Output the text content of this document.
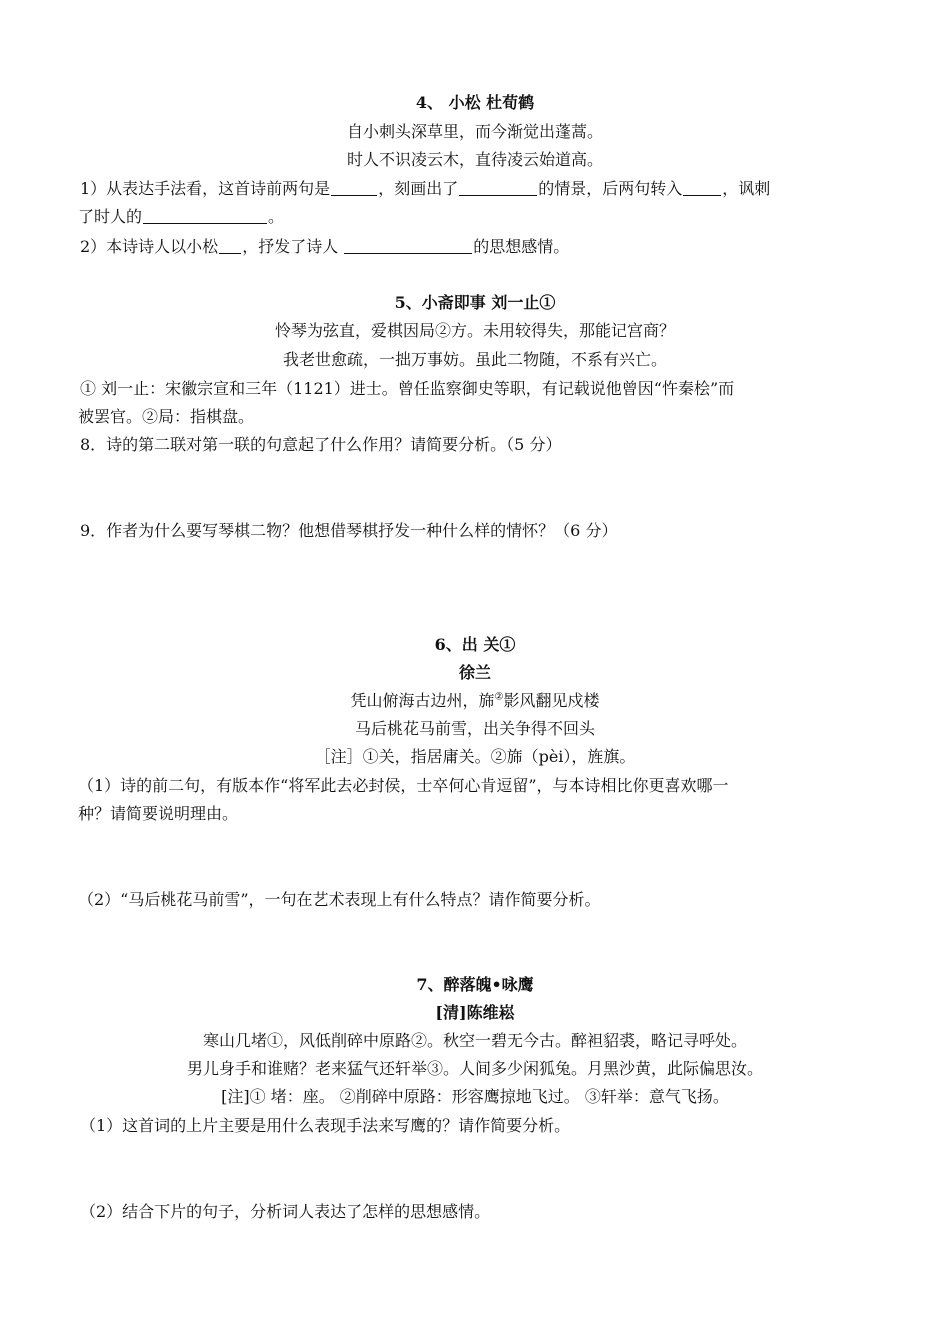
4、 小松 杜荀鹤
自小刺头深草里，而今渐觉出蓬蒿。
时人不识凌云木，直待凌云始道高。
1）从表达手法看，这首诗前两句是	，刻画出了	的情景，后两句转入	，讽刺
了时人的	。
2）本诗诗人以小松 ，抒发了诗人	的思想感情。
5、小斋即事 刘一止①
怜琴为弦直，爱棋因局②方。未用较得失，那能记宫商？
我老世愈疏，一拙万事妨。虽此二物随，不系有兴亡。
① 刘一止：宋徽宗宣和三年（1121）进士。曾任监察御史等职，有记载说他曾因“忤秦桧”而
被罢官。②局：指棋盘。
8．诗的第二联对第一联的句意起了什么作用？请简要分析。（5 分）
9．作者为什么要写琴棋二物？他想借琴棋抒发一种什么样的情怀？（6 分）
6、出 关①
徐兰
凭山俯海古边州，旆②影风翻见戍楼
马后桃花马前雪，出关争得不回头
［注］①关，指居庸关。②旆（pèi），旌旗。
（1）诗的前二句，有版本作“将军此去必封侯，士卒何心肯逗留”，与本诗相比你更喜欢哪一
种？请简要说明理由。
（2）“马后桃花马前雪”，一句在艺术表现上有什么特点？请作简要分析。
7、醉落魄•咏鹰
[清]陈维崧
寒山几堵①，风低削碎中原路②。秋空一碧无今古。醉袒貂裘，略记寻呼处。
男儿身手和谁赌？老来猛气还轩举③。人间多少闲狐兔。月黑沙黄，此际偏思汝。
[注]① 堵：座。 ②削碎中原路：形容鹰掠地飞过。 ③轩举：意气飞扬。
（1）这首词的上片主要是用什么表现手法来写鹰的？请作简要分析。
（2）结合下片的句子，分析词人表达了怎样的思想感情。
